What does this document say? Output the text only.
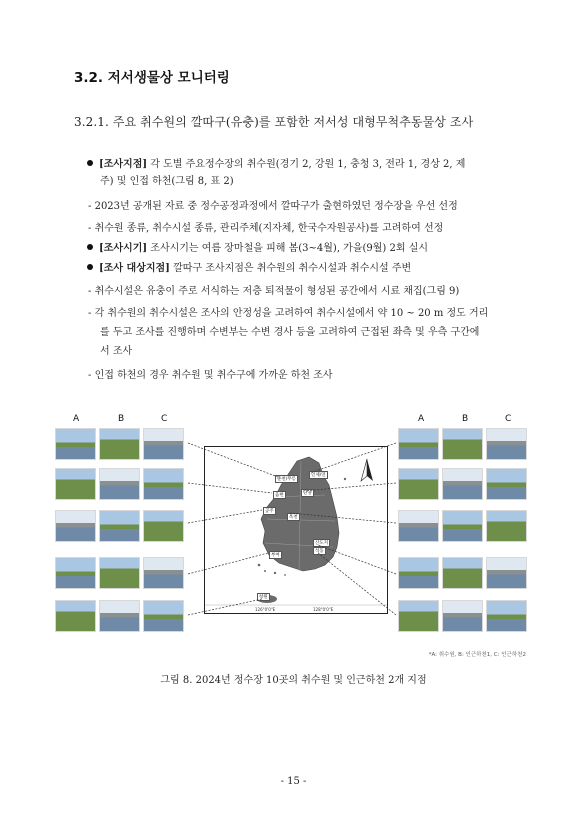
3.2. 저서생물상 모니터링
3.2.1. 주요 취수원의 깔따구(유충)를 포함한 저서성 대형무척추동물상 조사
[조사지점] 각 도별 주요정수장의 취수원(경기 2, 강원 1, 충청 3, 전라 1, 경상 2, 제
주) 및 인접 하천(그림 8, 표 2)
- 2023년 공개된 자료 중 정수공정과정에서 깔따구가 출현하였던 정수장을 우선 선정
- 취수원 종류, 취수시설 종류, 관리주체(지자체, 한국수자원공사)를 고려하여 선정
[조사시기] 조사시기는 여름 장마철을 피해 봄(3~4월), 가을(9월) 2회 실시
[조사 대상지점] 깔따구 조사지점은 취수원의 취수시설과 취수시설 주변
- 취수시설은 유충이 주로 서식하는 저층 퇴적물이 형성된 공간에서 시료 채집(그림 9)
- 각 취수원의 취수시설은 조사의 안정성을 고려하여 취수시설에서 약 10 ~ 20 m 정도 거리
를 두고 조사를 진행하며 수변부는 수변 경사 등을 고려하여 근접된 좌측 및 우측 구간에
서 조사
- 인접 하천의 경우 취수원 및 취수구에 가까운 하천 조사
A	B	C	A	B	C
126°0'0"E	128°0'0"E
춘천/무릉
인제/연
음현	단양
공주
옥천
부여
산도저
석동
창원
*A: 취수원, B: 인근하천1, C: 인근하천2
그림 8. 2024년 정수장 10곳의 취수원 및 인근하천 2개 지점
- 15 -
